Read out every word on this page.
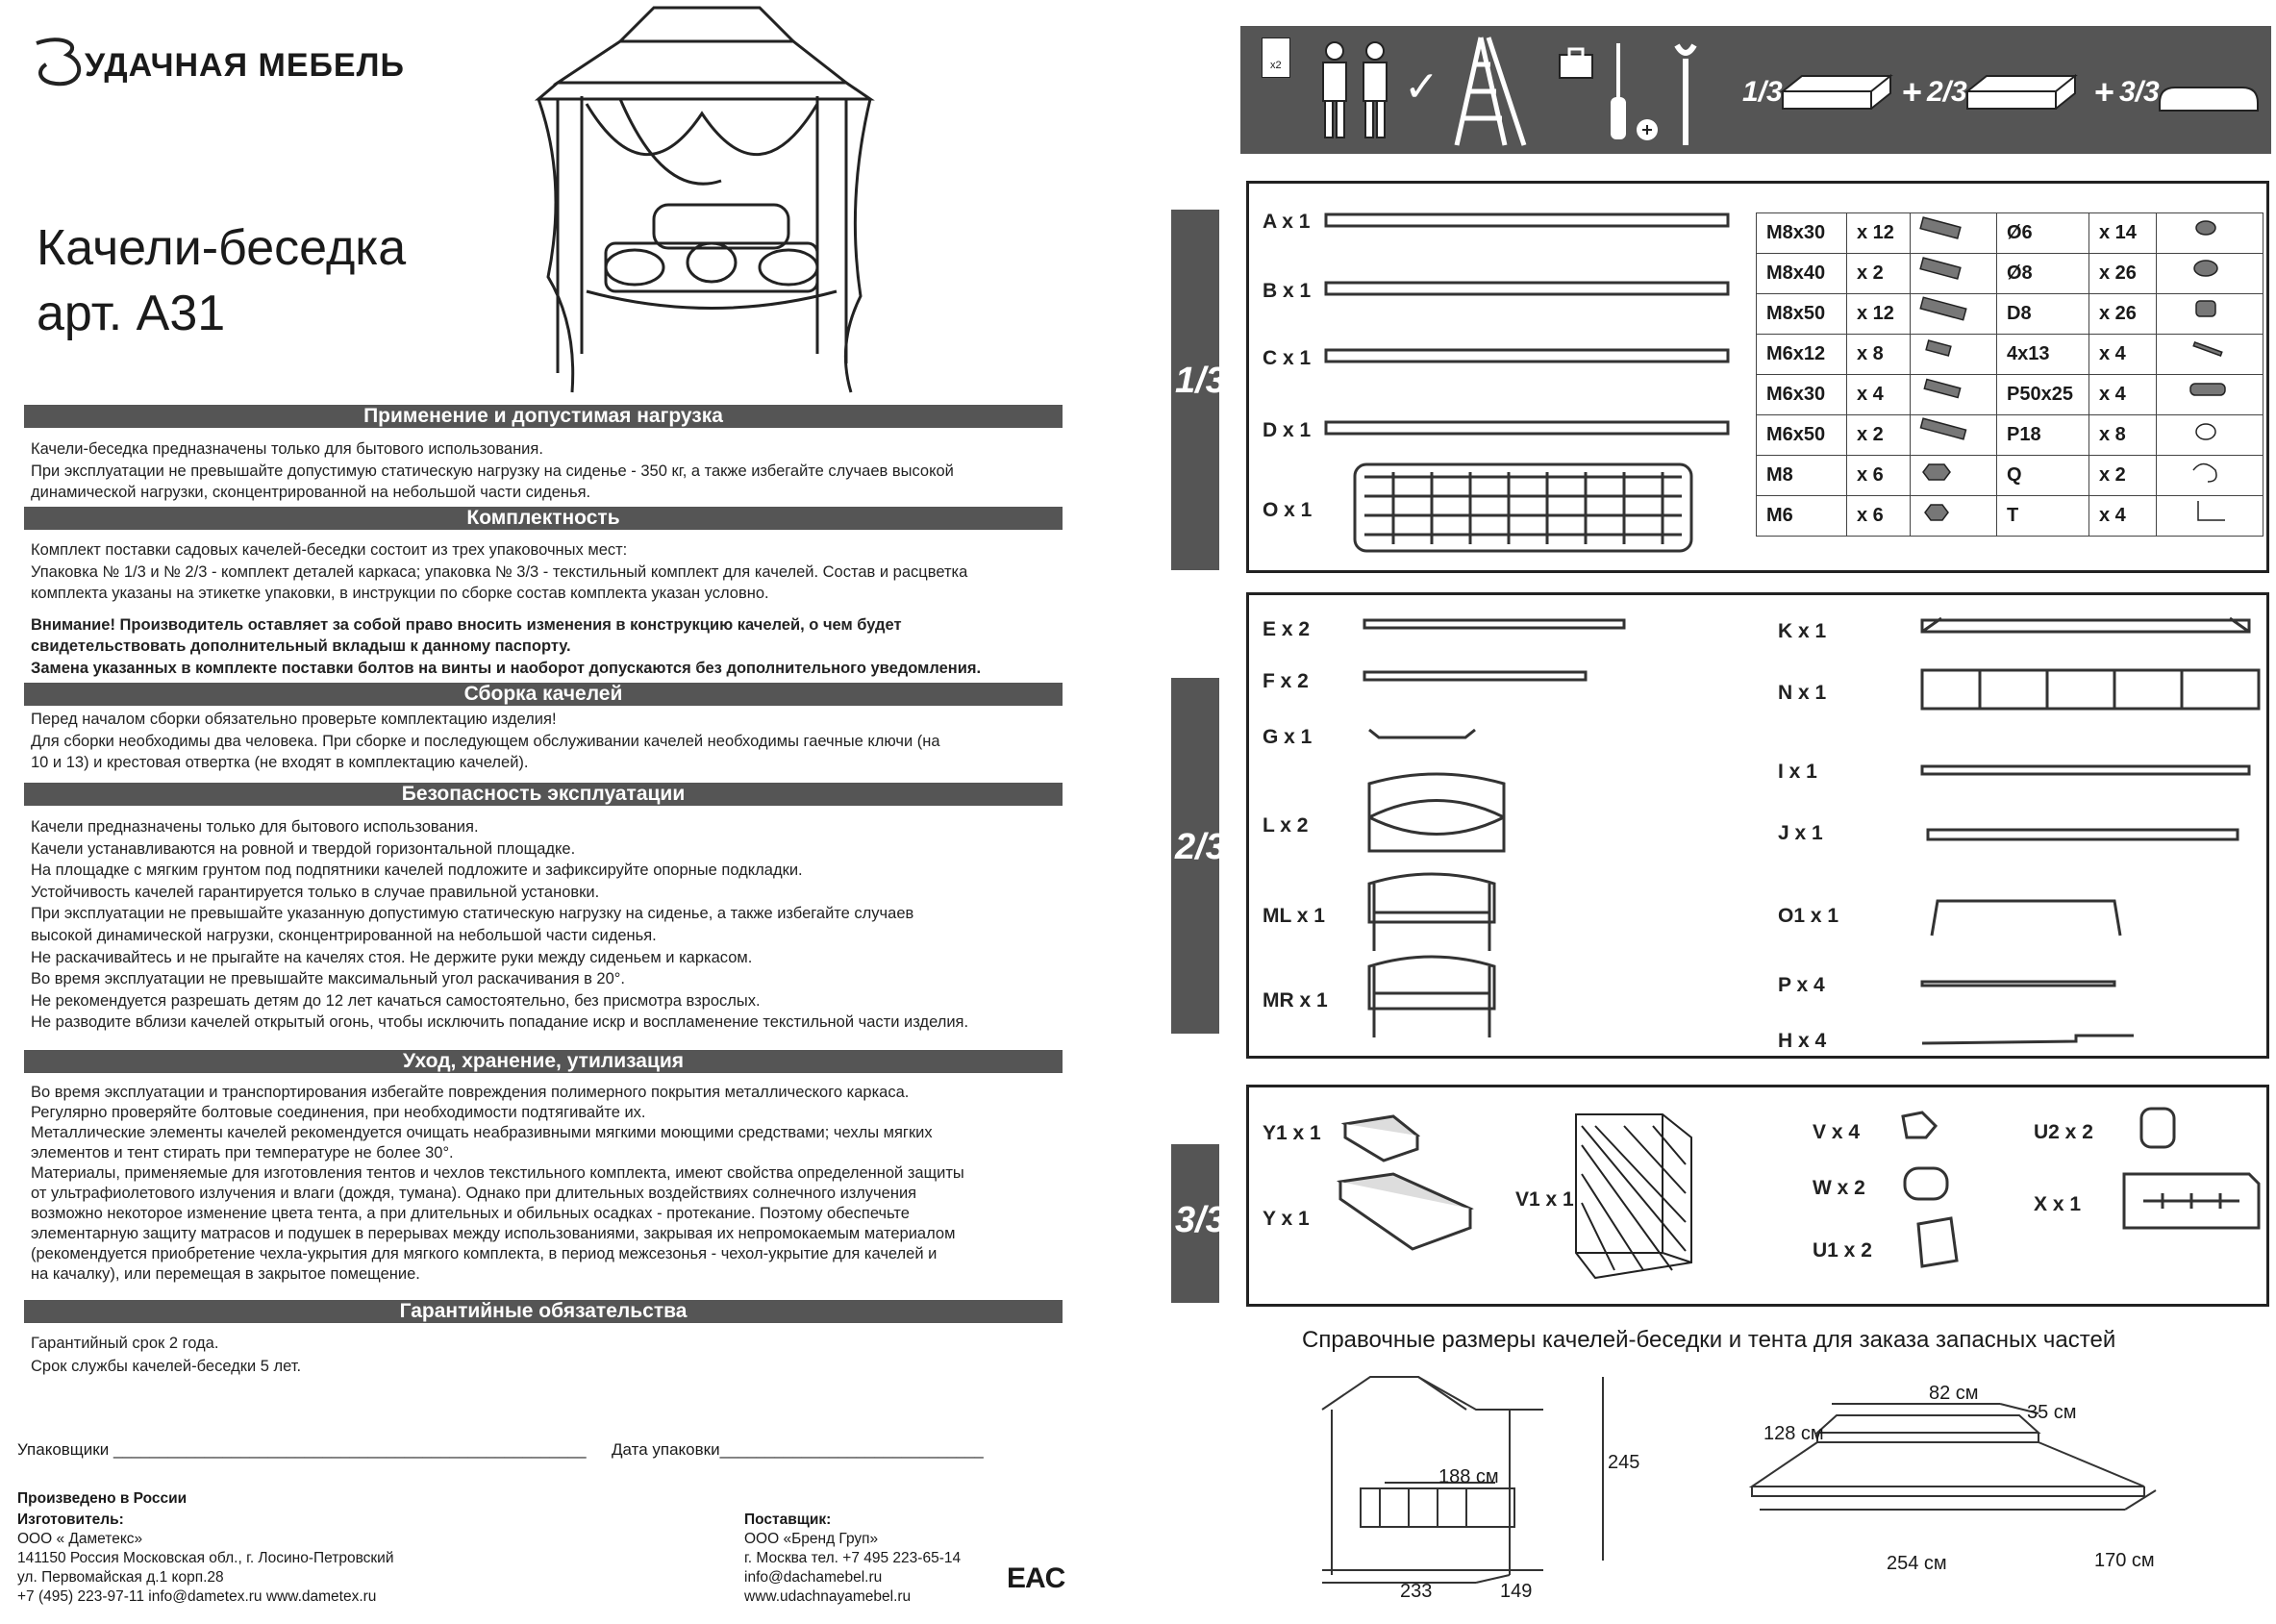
УДАЧНАЯ МЕБЕЛЬ
Качели-беседка
арт. А31
Применение и допустимая нагрузка
Качели-беседка предназначены только для бытового использования.
При эксплуатации не превышайте допустимую статическую нагрузку на сиденье - 350 кг, а также избегайте случаев высокой
динамической нагрузки, сконцентрированной на небольшой части сиденья.
Комплектность
Комплект поставки садовых качелей-беседки состоит из трех упаковочных мест:
Упаковка № 1/3 и № 2/3 - комплект деталей каркаса; упаковка № 3/3 - текстильный комплект для качелей. Состав и расцветка
комплекта указаны на этикетке упаковки, в инструкции по сборке состав комплекта указан условно.
Внимание! Производитель оставляет за собой право вносить изменения в конструкцию качелей, о чем будет
свидетельствовать дополнительный вкладыш к данному паспорту.
Замена указанных в комплекте поставки болтов на винты и наоборот допускаются без дополнительного уведомления.
Сборка качелей
Перед началом сборки обязательно проверьте комплектацию изделия!
Для сборки необходимы два человека. При сборке и последующем обслуживании качелей необходимы гаечные ключи (на
10 и 13) и крестовая отвертка (не входят в комплектацию качелей).
Безопасность эксплуатации
Качели предназначены только для бытового использования.
Качели устанавливаются на ровной и твердой горизонтальной площадке.
На площадке с мягким грунтом под подпятники качелей подложите и зафиксируйте опорные подкладки.
Устойчивость качелей гарантируется только в случае правильной установки.
При эксплуатации не превышайте указанную допустимую статическую нагрузку на сиденье, а также избегайте случаев
высокой динамической нагрузки, сконцентрированной на небольшой части сиденья.
Не раскачивайтесь и не прыгайте на качелях стоя. Не держите руки между сиденьем и каркасом.
Во время эксплуатации не превышайте максимальный угол раскачивания в 20°.
Не рекомендуется разрешать детям до 12 лет качаться самостоятельно, без присмотра взрослых.
Не разводите вблизи качелей открытый огонь, чтобы исключить попадание искр и воспламенение текстильной части изделия.
Уход, хранение, утилизация
Во время эксплуатации и транспортирования избегайте повреждения полимерного покрытия металлического каркаса.
Регулярно проверяйте болтовые соединения, при необходимости подтягивайте их.
Металлические элементы качелей рекомендуется очищать неабразивными мягкими моющими средствами; чехлы мягких
элементов и тент стирать при температуре не более 30°.
Материалы, применяемые для изготовления тентов и чехлов текстильного комплекта, имеют свойства определенной защиты
от ультрафиолетового излучения и влаги (дождя, тумана). Однако при длительных воздействиях солнечного излучения
возможно некоторое изменение цвета тента, а при длительных и обильных осадках - протекание. Поэтому обеспечьте
элементарную защиту матрасов и подушек в перерывах между использованиями, закрывая их непромокаемым материалом
(рекомендуется приобретение чехла-укрытия для мягкого комплекта, в период межсезонья - чехол-укрытие для качелей и
на качалку), или перемещая в закрытое помещение.
Гарантийные обязательства
Гарантийный срок 2 года.
Срок службы качелей-беседки 5 лет.
Упаковщики ____________________________________________________ Дата упаковки_____________________________
Произведено в России
Изготовитель:
ООО « Даметекс»
141150 Россия Московская обл., г. Лосино-Петровский
ул. Первомайская д.1 корп.28
+7 (495) 223-97-11 info@dametex.ru www.dametex.ru
Поставщик:
ООО «Бренд Груп»
г. Москва тел. +7 495 223-65-14
info@dachamebel.ru
www.udachnayamebel.ru
EAC
x2	✓	1/3	+ 2/3	+ 3/3
1/3
2/3
3/3
A x 1
B x 1
C x 1
D x 1
O x 1
M8x30	x 12		Ø6	x 14	
M8x40	x 2		Ø8	x 26	
M8x50	x 12		D8	x 26	
M6x12	x 8		4x13	x 4	
M6x30	x 4		P50x25	x 4	
M6x50	x 2		P18	x 8	
M8	x 6		Q	x 2	
M6	x 6		T	x 4	
E x 2
F x 2
G x 1
L x 2
ML x 1
MR x 1
K x 1
N x 1
I x 1
J x 1
O1 x 1
P x 4
H x 4
Y1 x 1
Y x 1
V1 x 1
V x 4
W x 2
U1 x 2
U2 x 2
X x 1
Справочные размеры качелей-беседки и тента для заказа запасных частей
188 см
245
233	149
82 см
35 см
128 см
254 см	170 см
